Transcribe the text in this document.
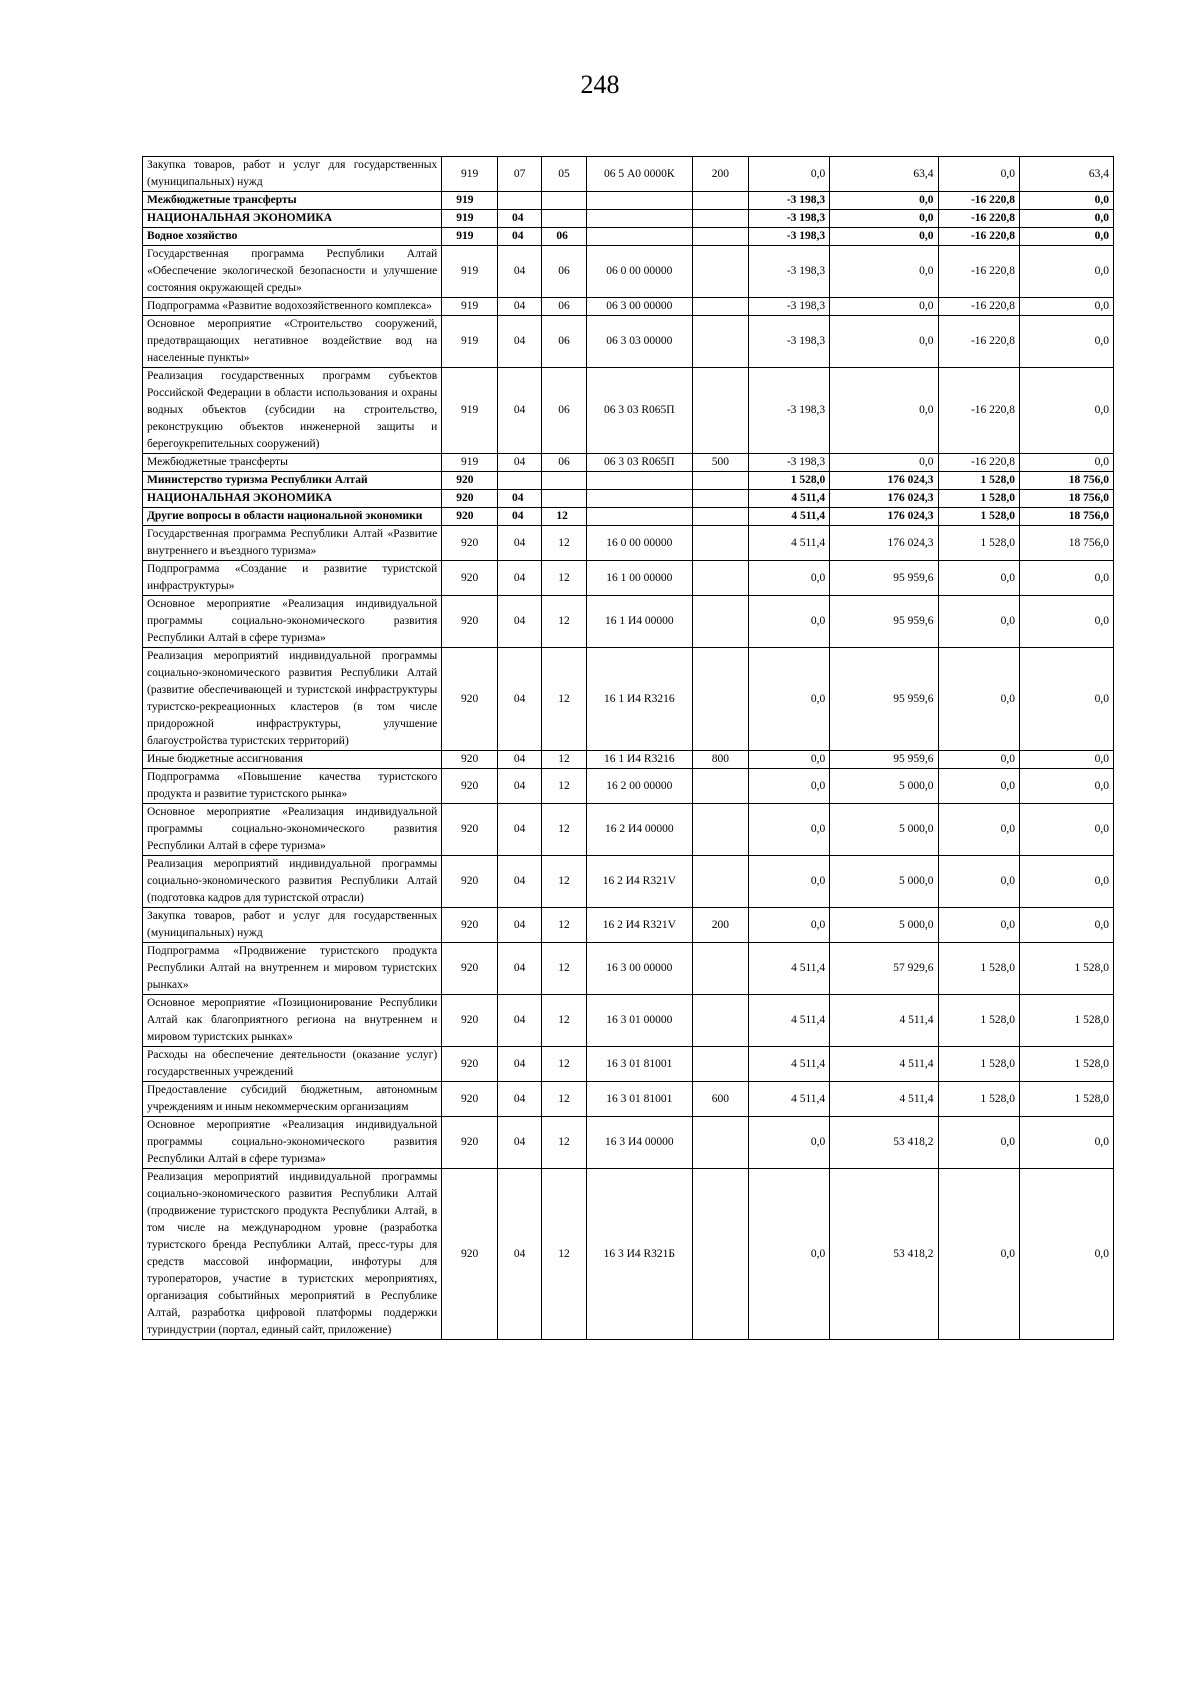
248
Закупка товаров, работ и услуг для государственных (муниципальных) нужд	919	07	05	06 5 А0 0000К	200	0,0	63,4	0,0	63,4
Межбюджетные трансферты	919					-3 198,3	0,0	-16 220,8	0,0
НАЦИОНАЛЬНАЯ ЭКОНОМИКА	919	04				-3 198,3	0,0	-16 220,8	0,0
Водное хозяйство	919	04	06			-3 198,3	0,0	-16 220,8	0,0
Государственная программа Республики Алтай «Обеспечение экологической безопасности и улучшение состояния окружающей среды»	919	04	06	06 0 00 00000		-3 198,3	0,0	-16 220,8	0,0
Подпрограмма «Развитие водохозяйственного комплекса»	919	04	06	06 3 00 00000		-3 198,3	0,0	-16 220,8	0,0
Основное мероприятие «Строительство сооружений, предотвращающих негативное воздействие вод на населенные пункты»	919	04	06	06 3 03 00000		-3 198,3	0,0	-16 220,8	0,0
Реализация государственных программ субъектов Российской Федерации в области использования и охраны водных объектов (субсидии на строительство, реконструкцию объектов инженерной защиты и берегоукрепительных сооружений)	919	04	06	06 3 03 R065П		-3 198,3	0,0	-16 220,8	0,0
Межбюджетные трансферты	919	04	06	06 3 03 R065П	500	-3 198,3	0,0	-16 220,8	0,0
Министерство туризма Республики Алтай	920					1 528,0	176 024,3	1 528,0	18 756,0
НАЦИОНАЛЬНАЯ ЭКОНОМИКА	920	04				4 511,4	176 024,3	1 528,0	18 756,0
Другие вопросы в области национальной экономики	920	04	12			4 511,4	176 024,3	1 528,0	18 756,0
Государственная программа Республики Алтай «Развитие внутреннего и въездного туризма»	920	04	12	16 0 00 00000		4 511,4	176 024,3	1 528,0	18 756,0
Подпрограмма «Создание и развитие туристской инфраструктуры»	920	04	12	16 1 00 00000		0,0	95 959,6	0,0	0,0
Основное мероприятие «Реализация индивидуальной программы социально-экономического развития Республики Алтай в сфере туризма»	920	04	12	16 1 И4 00000		0,0	95 959,6	0,0	0,0
Реализация мероприятий индивидуальной программы социально-экономического развития Республики Алтай (развитие обеспечивающей и туристской инфраструктуры туристско-рекреационных кластеров (в том числе придорожной инфраструктуры, улучшение благоустройства туристских территорий)	920	04	12	16 1 И4 R3216		0,0	95 959,6	0,0	0,0
Иные бюджетные ассигнования	920	04	12	16 1 И4 R3216	800	0,0	95 959,6	0,0	0,0
Подпрограмма «Повышение качества туристского продукта и развитие туристского рынка»	920	04	12	16 2 00 00000		0,0	5 000,0	0,0	0,0
Основное мероприятие «Реализация индивидуальной программы социально-экономического развития Республики Алтай в сфере туризма»	920	04	12	16 2 И4 00000		0,0	5 000,0	0,0	0,0
Реализация мероприятий индивидуальной программы социально-экономического развития Республики Алтай (подготовка кадров для туристской отрасли)	920	04	12	16 2 И4 R321V		0,0	5 000,0	0,0	0,0
Закупка товаров, работ и услуг для государственных (муниципальных) нужд	920	04	12	16 2 И4 R321V	200	0,0	5 000,0	0,0	0,0
Подпрограмма «Продвижение туристского продукта Республики Алтай на внутреннем и мировом туристских рынках»	920	04	12	16 3 00 00000		4 511,4	57 929,6	1 528,0	1 528,0
Основное мероприятие «Позиционирование Республики Алтай как благоприятного региона на внутреннем и мировом туристских рынках»	920	04	12	16 3 01 00000		4 511,4	4 511,4	1 528,0	1 528,0
Расходы на обеспечение деятельности (оказание услуг) государственных учреждений	920	04	12	16 3 01 81001		4 511,4	4 511,4	1 528,0	1 528,0
Предоставление субсидий бюджетным, автономным учреждениям и иным некоммерческим организациям	920	04	12	16 3 01 81001	600	4 511,4	4 511,4	1 528,0	1 528,0
Основное мероприятие «Реализация индивидуальной программы социально-экономического развития Республики Алтай в сфере туризма»	920	04	12	16 3 И4 00000		0,0	53 418,2	0,0	0,0
Реализация мероприятий индивидуальной программы социально-экономического развития Республики Алтай (продвижение туристского продукта Республики Алтай, в том числе на международном уровне (разработка туристского бренда Республики Алтай, пресс-туры для средств массовой информации, инфотуры для туроператоров, участие в туристских мероприятиях, организация событийных мероприятий в Республике Алтай, разработка цифровой платформы поддержки туриндустрии (портал, единый сайт, приложение)	920	04	12	16 3 И4 R321Б		0,0	53 418,2	0,0	0,0
